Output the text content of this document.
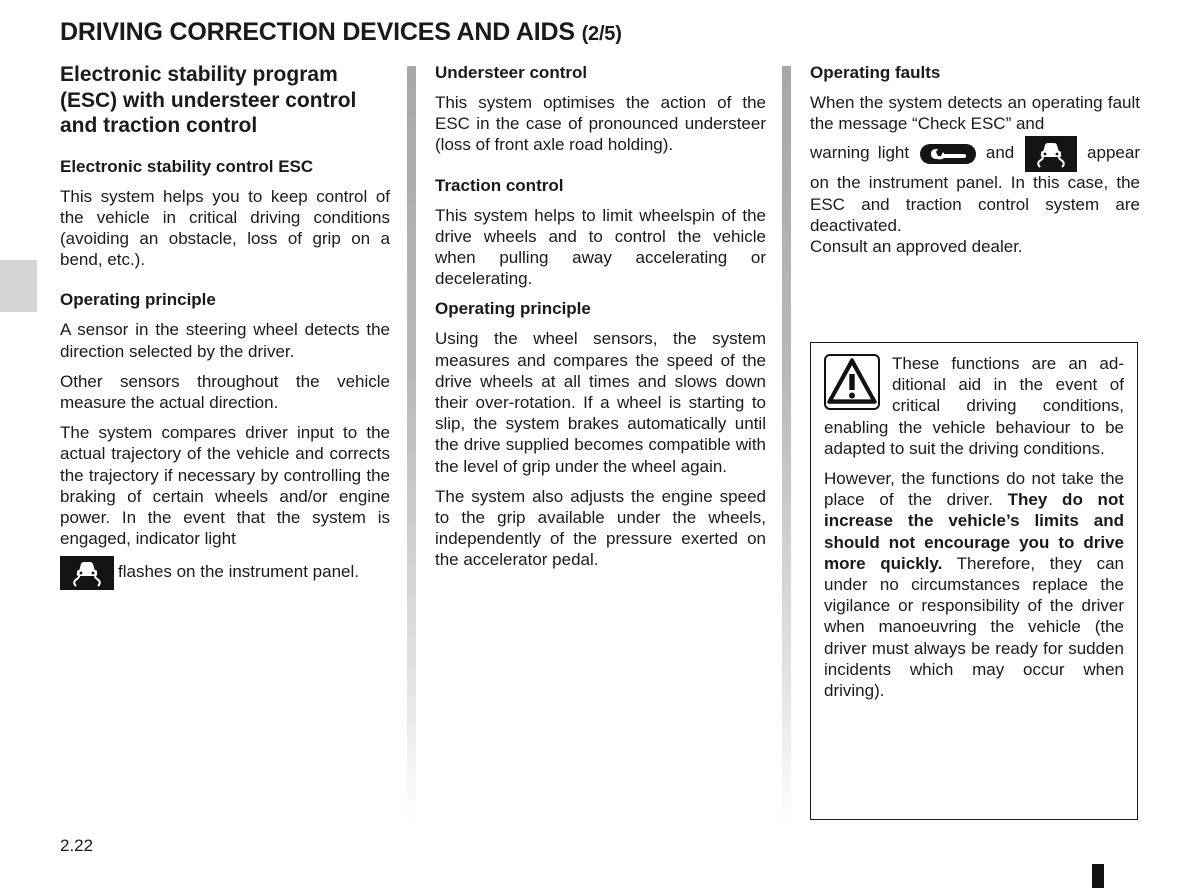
DRIVING CORRECTION DEVICES AND AIDS (2/5)
Electronic stability program (ESC) with understeer control and traction control
Electronic stability control ESC

This system helps you to keep control of the vehicle in critical driving conditions (avoiding an obstacle, loss of grip on a bend, etc.).

Operating principle

A sensor in the steering wheel detects the direction selected by the driver.

Other sensors throughout the vehicle measure the actual direction.

The system compares driver input to the actual trajectory of the vehicle and corrects the trajectory if necessary by controlling the braking of certain wheels and/or engine power. In the event that the system is engaged, indicator light

flashes on the instrument panel.

Understeer control

This system optimises the action of the ESC in the case of pronounced understeer (loss of front axle road holding).

Traction control

This system helps to limit wheelspin of the drive wheels and to control the vehicle when pulling away accelerating or decelerating.

Operating principle

Using the wheel sensors, the system measures and compares the speed of the drive wheels at all times and slows down their over-rotation. If a wheel is starting to slip, the system brakes automatically until the drive supplied becomes compatible with the level of grip under the wheel again.

The system also adjusts the engine speed to the grip available under the wheels, independently of the pressure exerted on the accelerator pedal.

Operating faults

When the system detects an operating fault the message “Check ESC” and

warning light	and	appear on the instrument panel. In this case, the ESC and traction control system are deactivated.

Consult an approved dealer.

These functions are an additional aid in the event of critical driving conditions, enabling the vehicle behaviour to be adapted to suit the driving conditions.

However, the functions do not take the place of the driver. They do not increase the vehicle’s limits and should not encourage you to drive more quickly. Therefore, they can under no circumstances replace the vigilance or responsibility of the driver when manoeuvring the vehicle (the driver must always be ready for sudden incidents which may occur when driving).

2.22
